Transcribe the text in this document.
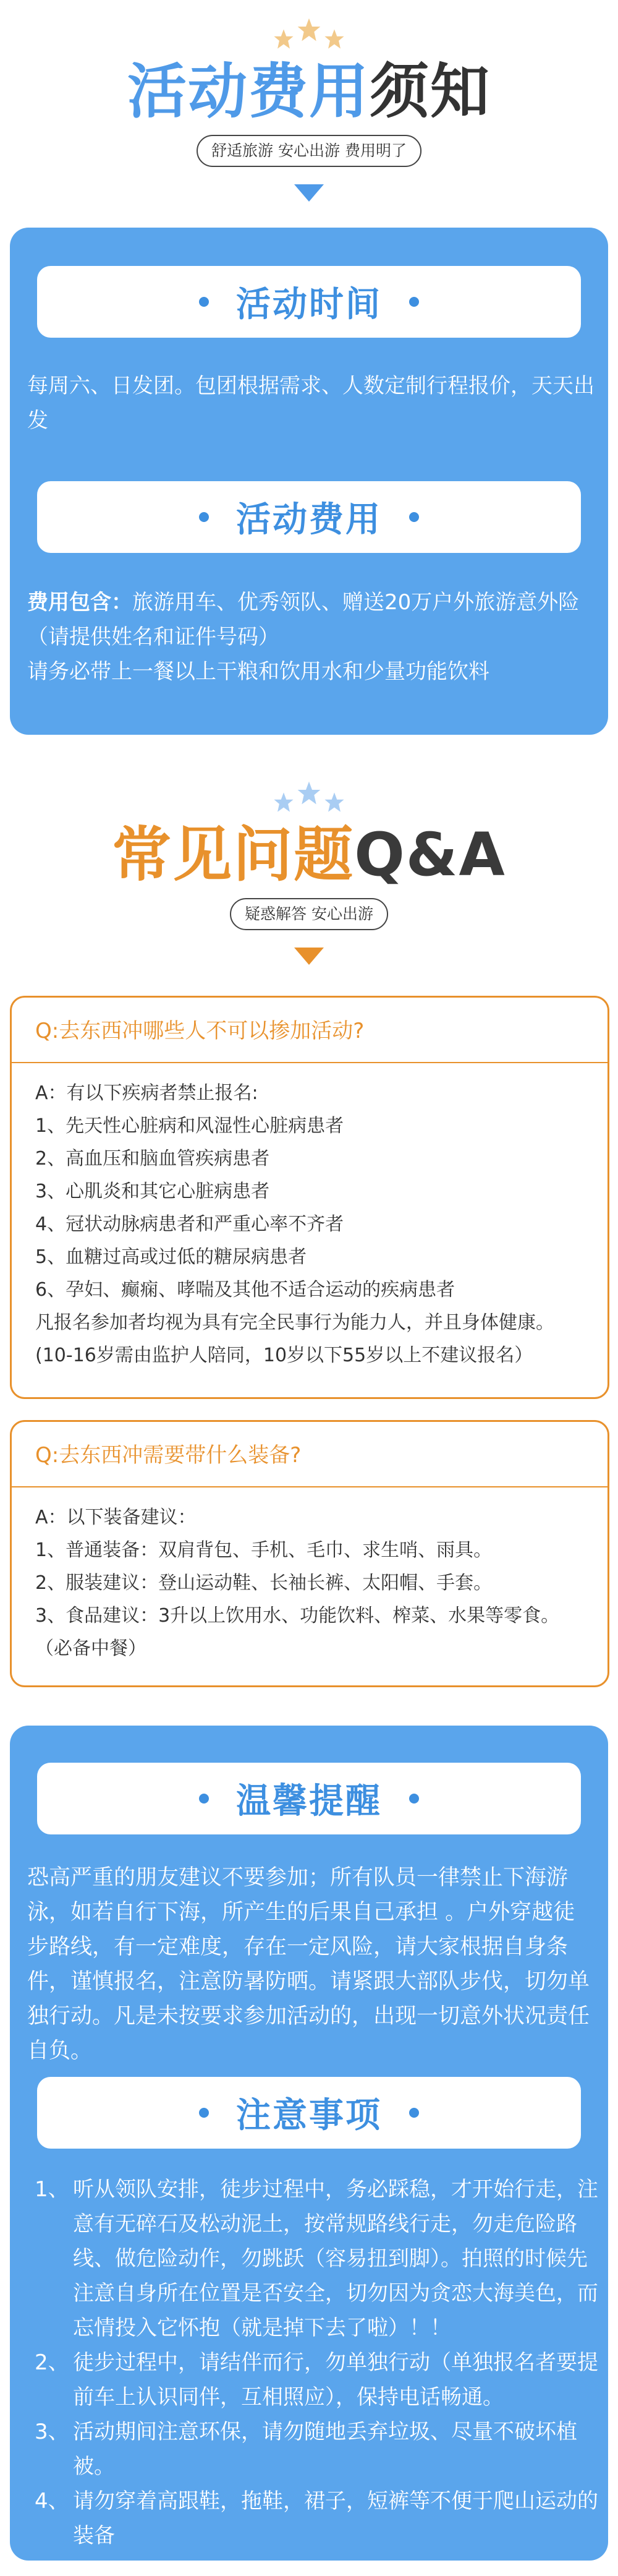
活动费用须知
舒适旅游 安心出游 费用明了
活动时间

每周六、日发团。包团根据需求、人数定制行程报价，天天出发

活动费用

费用包含：旅游用车、优秀领队、赠送20万户外旅游意外险（请提供姓名和证件号码）

请务必带上一餐以上干粮和饮用水和少量功能饮料

常见问题Q&A
疑惑解答 安心出游
Q:去东西冲哪些人不可以掺加活动?

A：有以下疾病者禁止报名:

1、先天性心脏病和风湿性心脏病患者

2、高血压和脑血管疾病患者

3、心肌炎和其它心脏病患者

4、冠状动脉病患者和严重心率不齐者

5、血糖过高或过低的糖尿病患者

6、孕妇、癫痫、哮喘及其他不适合运动的疾病患者

凡报名参加者均视为具有完全民事行为能力人，并且身体健康。

(10-16岁需由监护人陪同，10岁以下55岁以上不建议报名）

Q:去东西冲需要带什么装备?

A：以下装备建议：

1、普通装备：双肩背包、手机、毛巾、求生哨、雨具。

2、服装建议：登山运动鞋、长袖长裤、太阳帽、手套。

3、食品建议：3升以上饮用水、功能饮料、榨菜、水果等零食。

（必备中餐）

温馨提醒

恐高严重的朋友建议不要参加；所有队员一律禁止下海游泳，如若自行下海，所产生的后果自己承担 。户外穿越徒步路线，有一定难度，存在一定风险，请大家根据自身条件，谨慎报名，注意防暑防晒。请紧跟大部队步伐，切勿单独行动。凡是未按要求参加活动的，出现一切意外状况责任自负。

注意事项
1、 听从领队安排，徒步过程中，务必踩稳，才开始行走，注意有无碎石及松动泥土，按常规路线行走，勿走危险路线、做危险动作，勿跳跃（容易扭到脚）。拍照的时候先注意自身所在位置是否安全，切勿因为贪恋大海美色，而忘情投入它怀抱（就是掉下去了啦）！！
2、 徒步过程中，请结伴而行，勿单独行动（单独报名者要提前车上认识同伴，互相照应），保持电话畅通。
3、 活动期间注意环保，请勿随地丢弃垃圾、尽量不破坏植被。
4、 请勿穿着高跟鞋，拖鞋，裙子，短裤等不便于爬山运动的装备
